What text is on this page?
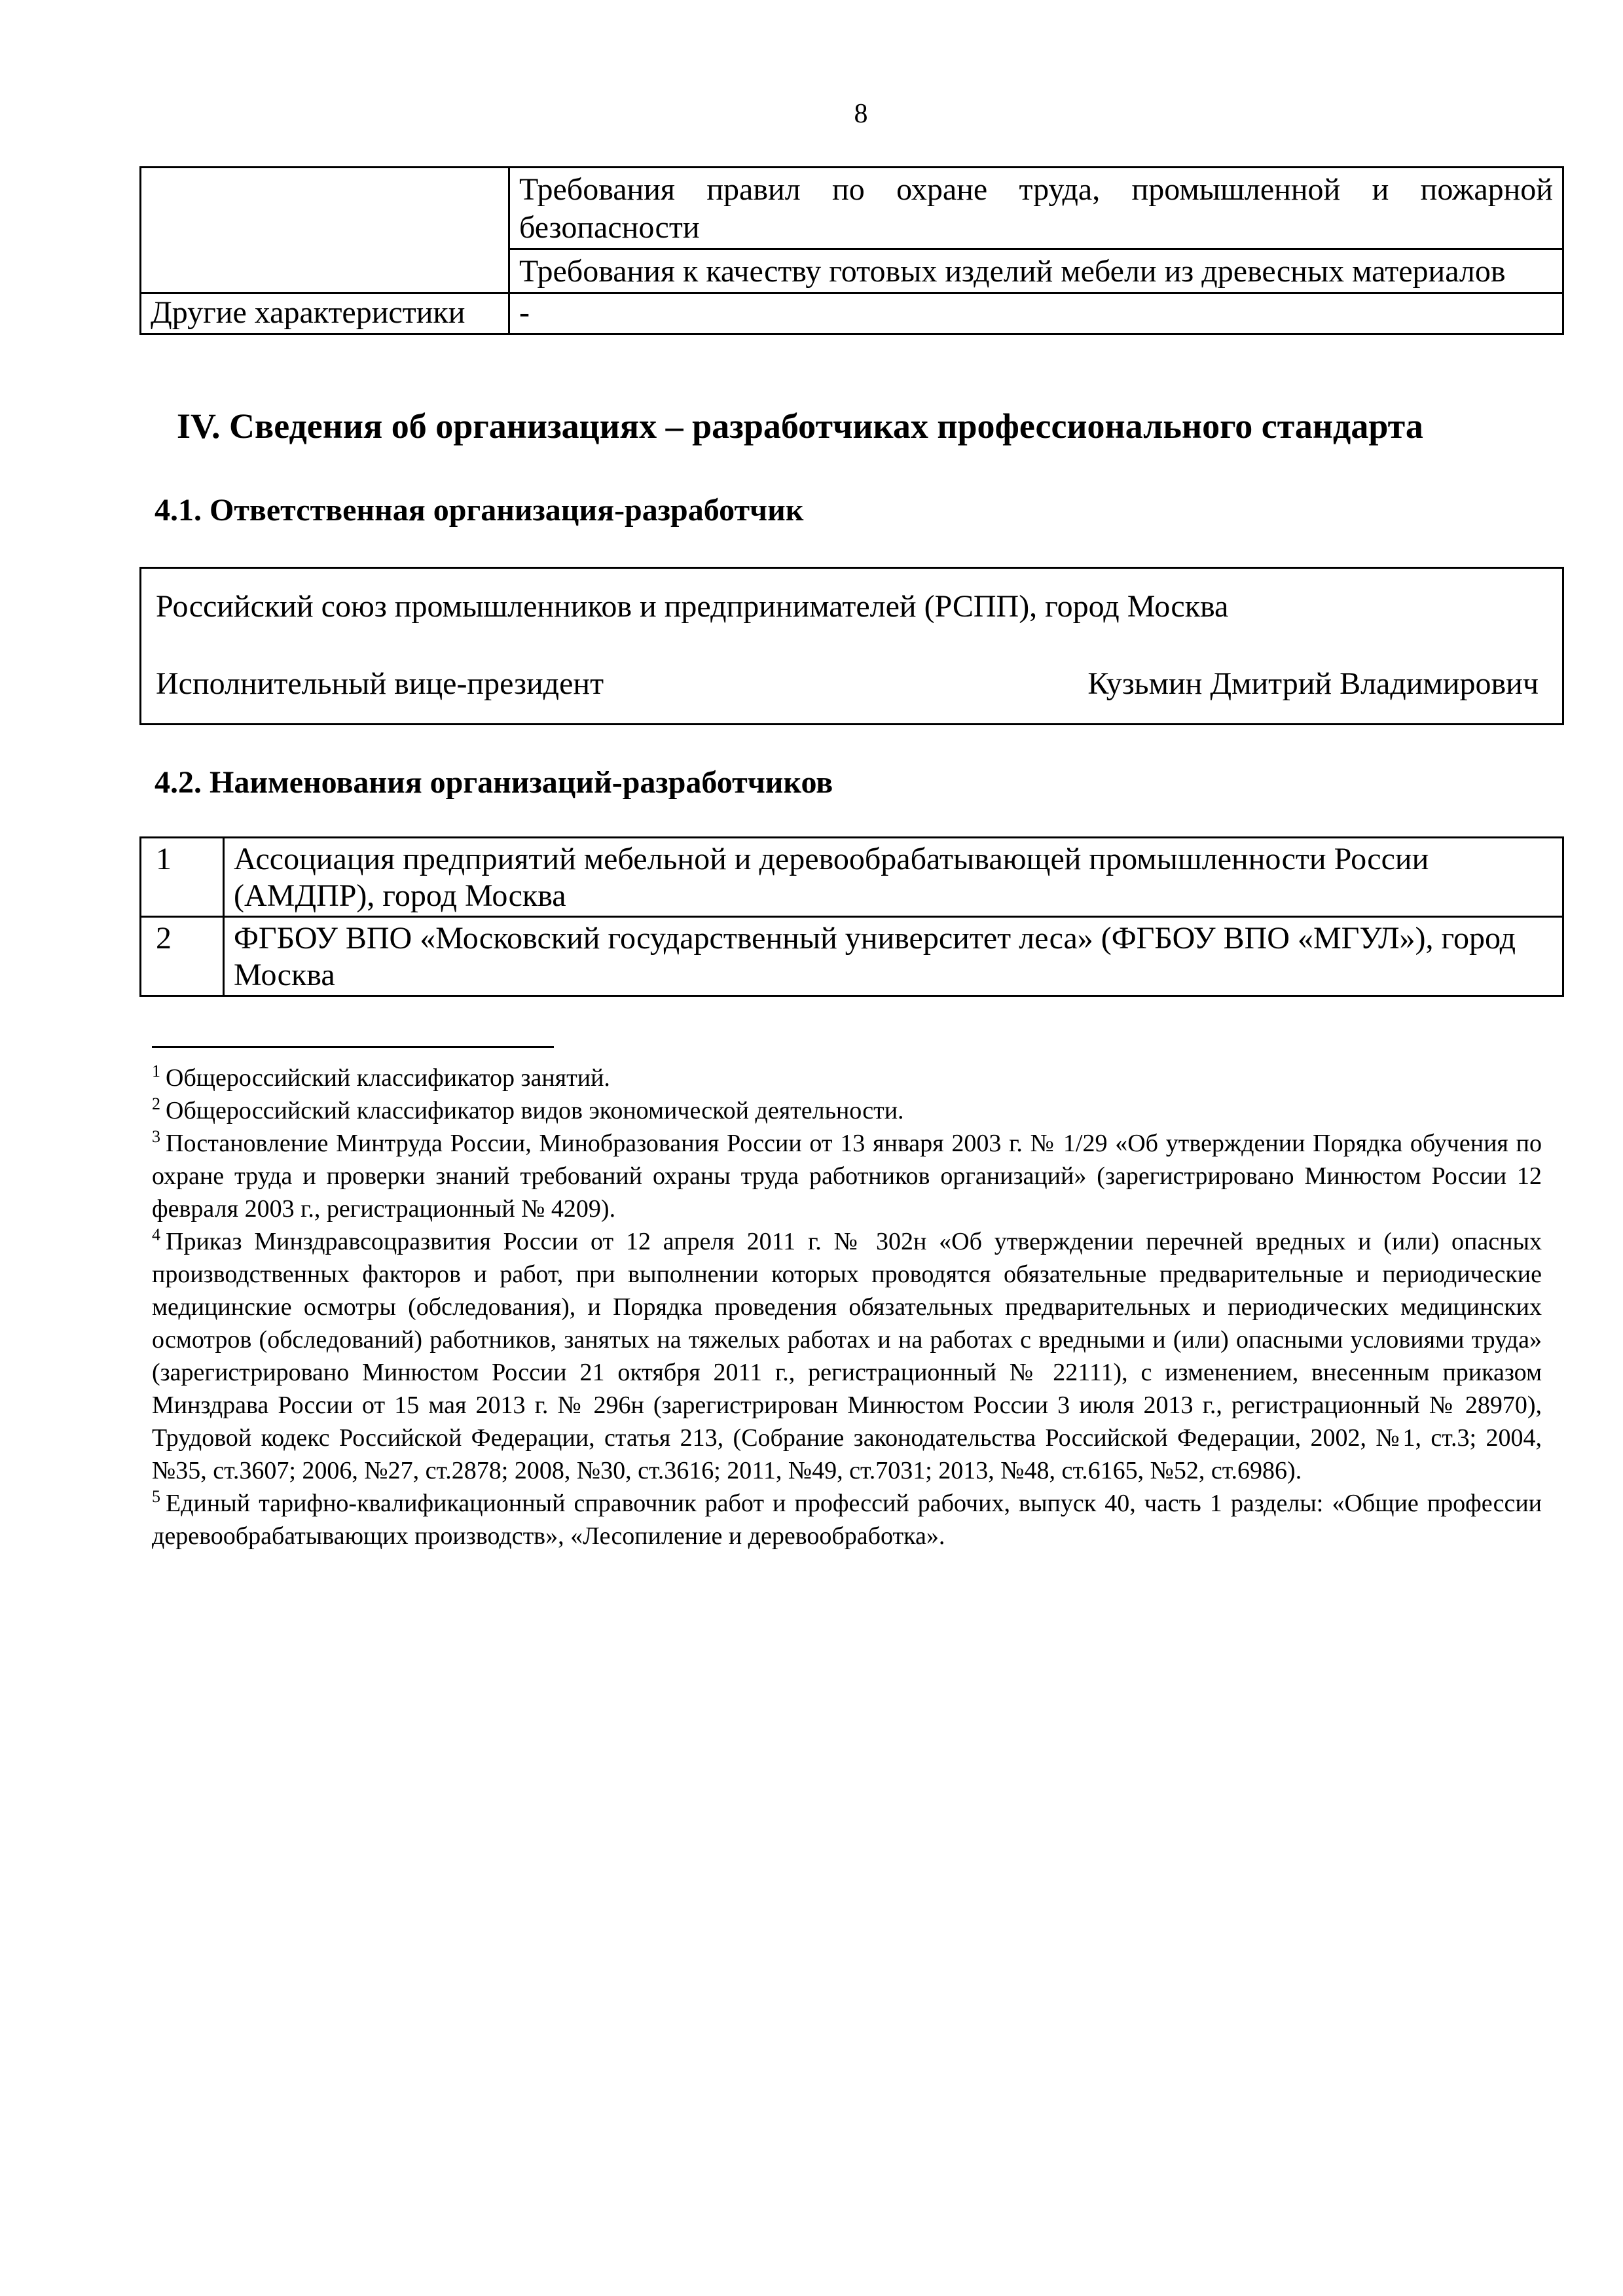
8
	Требования правил по охране труда, промышленной и пожарной безопасности
	Требования к качеству готовых изделий мебели из древесных материалов
Другие характеристики	-
IV. Сведения об организациях – разработчиках профессионального стандарта
4.1. Ответственная организация-разработчик
Российский союз промышленников и предпринимателей (РСПП), город Москва
Исполнительный вице-президент	Кузьмин Дмитрий Владимирович
4.2. Наименования организаций-разработчиков
1	Ассоциация предприятий мебельной и деревообрабатывающей промышленности России (АМДПР), город Москва
2	ФГБОУ ВПО «Московский государственный университет леса» (ФГБОУ ВПО «МГУЛ»), город Москва

$^1$ Общероссийский классификатор занятий.

$^2$ Общероссийский классификатор видов экономической деятельности.

$^3$ Постановление Минтруда России, Минобразования России от 13 января 2003 г. № 1/29 «Об утверждении Порядка обучения по охране труда и проверки знаний требований охраны труда работников организаций» (зарегистрировано Минюстом России 12 февраля 2003 г., регистрационный № 4209).

$^4$ Приказ Минздравсоцразвития России от 12 апреля 2011 г. № 302н «Об утверждении перечней вредных и (или) опасных производственных факторов и работ, при выполнении которых проводятся обязательные предварительные и периодические медицинские осмотры (обследования), и Порядка проведения обязательных предварительных и периодических медицинских осмотров (обследований) работников, занятых на тяжелых работах и на работах с вредными и (или) опасными условиями труда» (зарегистрировано Минюстом России 21 октября 2011 г., регистрационный № 22111), с изменением, внесенным приказом Минздрава России от 15 мая 2013 г. № 296н (зарегистрирован Минюстом России 3 июля 2013 г., регистрационный № 28970), Трудовой кодекс Российской Федерации, статья 213, (Собрание законодательства Российской Федерации, 2002, №1, ст.3; 2004, №35, ст.3607; 2006, №27, ст.2878; 2008, №30, ст.3616; 2011, №49, ст.7031; 2013, №48, ст.6165, №52, ст.6986).

$^5$ Единый тарифно-квалификационный справочник работ и профессий рабочих, выпуск 40, часть 1 разделы: «Общие профессии деревообрабатывающих производств», «Лесопиление и деревообработка».
